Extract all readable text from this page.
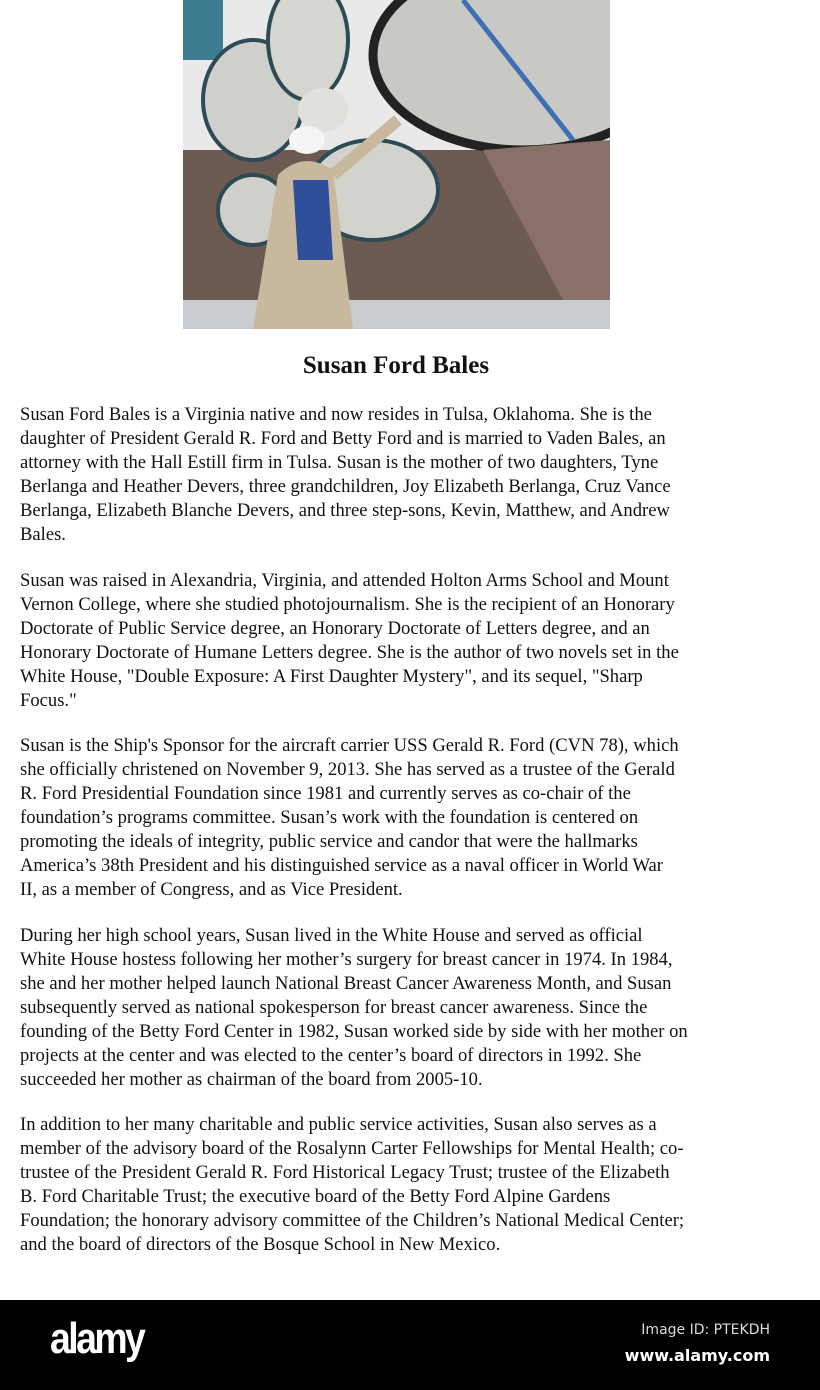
Susan Ford Bales
Susan Ford Bales is a Virginia native and now resides in Tulsa, Oklahoma. She is the
daughter of President Gerald R. Ford and Betty Ford and is married to Vaden Bales, an
attorney with the Hall Estill firm in Tulsa. Susan is the mother of two daughters, Tyne
Berlanga and Heather Devers, three grandchildren, Joy Elizabeth Berlanga, Cruz Vance
Berlanga, Elizabeth Blanche Devers, and three step-sons, Kevin, Matthew, and Andrew
Bales.
Susan was raised in Alexandria, Virginia, and attended Holton Arms School and Mount
Vernon College, where she studied photojournalism. She is the recipient of an Honorary
Doctorate of Public Service degree, an Honorary Doctorate of Letters degree, and an
Honorary Doctorate of Humane Letters degree. She is the author of two novels set in the
White House, "Double Exposure: A First Daughter Mystery", and its sequel, "Sharp
Focus."
Susan is the Ship's Sponsor for the aircraft carrier USS Gerald R. Ford (CVN 78), which
she officially christened on November 9, 2013. She has served as a trustee of the Gerald
R. Ford Presidential Foundation since 1981 and currently serves as co-chair of the
foundation’s programs committee. Susan’s work with the foundation is centered on
promoting the ideals of integrity, public service and candor that were the hallmarks
America’s 38th President and his distinguished service as a naval officer in World War
II, as a member of Congress, and as Vice President.
During her high school years, Susan lived in the White House and served as official
White House hostess following her mother’s surgery for breast cancer in 1974. In 1984,
she and her mother helped launch National Breast Cancer Awareness Month, and Susan
subsequently served as national spokesperson for breast cancer awareness. Since the
founding of the Betty Ford Center in 1982, Susan worked side by side with her mother on
projects at the center and was elected to the center’s board of directors in 1992. She
succeeded her mother as chairman of the board from 2005-10.
In addition to her many charitable and public service activities, Susan also serves as a
member of the advisory board of the Rosalynn Carter Fellowships for Mental Health; co-
trustee of the President Gerald R. Ford Historical Legacy Trust; trustee of the Elizabeth
B. Ford Charitable Trust; the executive board of the Betty Ford Alpine Gardens
Foundation; the honorary advisory committee of the Children’s National Medical Center;
and the board of directors of the Bosque School in New Mexico.
alamy	Image ID: PTEKDH
www.alamy.com
